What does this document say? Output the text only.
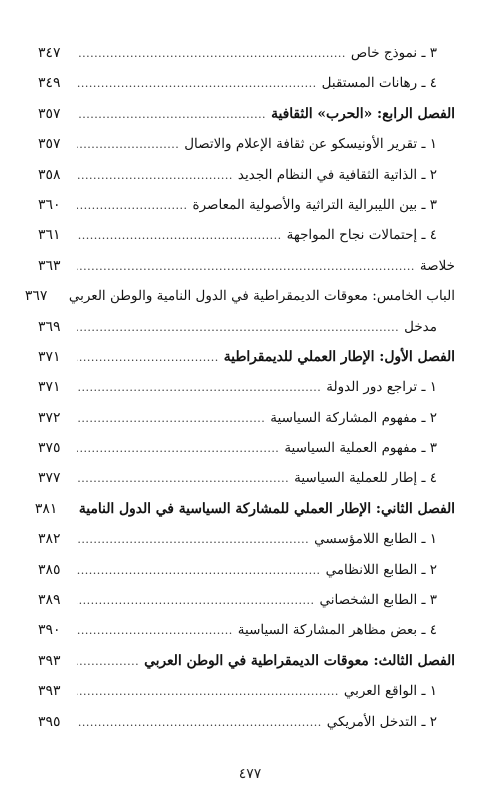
٣ ـ نموذج خاص
.....
٣٤٧
٤ ـ رهانات المستقبل
.....
٣٤٩
الفصل الرابع: «الحرب» الثقافية
.....
٣٥٧
١ ـ تقرير الأونيسكو عن ثقافة الإعلام والاتصال
.....
٣٥٧
٢ ـ الذاتية الثقافية في النظام الجديد
.....
٣٥٨
٣ ـ بين الليبرالية التراثية والأصولية المعاصرة
.....
٣٦٠
٤ ـ إحتمالات نجاح المواجهة
.....
٣٦١
خلاصة
.....
٣٦٣
الباب الخامس: معوقات الديمقراطية في الدول النامية والوطن العربي
٣٦٧
مدخل
.....
٣٦٩
الفصل الأول: الإطار العملي للديمقراطية
.....
٣٧١
١ ـ تراجع دور الدولة
.....
٣٧١
٢ ـ مفهوم المشاركة السياسية
.....
٣٧٢
٣ ـ مفهوم العملية السياسية
.....
٣٧٥
٤ ـ إطار للعملية السياسية
.....
٣٧٧
الفصل الثاني: الإطار العملي للمشاركة السياسية في الدول النامية
٣٨١
١ ـ الطابع اللامؤسسي
.....
٣٨٢
٢ ـ الطابع اللانظامي
.....
٣٨٥
٣ ـ الطابع الشخصاني
.....
٣٨٩
٤ ـ بعض مظاهر المشاركة السياسية
.....
٣٩٠
الفصل الثالث: معوقات الديمقراطية في الوطن العربي
.....
٣٩٣
١ ـ الواقع العربي
.....
٣٩٣
٢ ـ التدخل الأمريكي
.....
٣٩٥
٤٧٧
